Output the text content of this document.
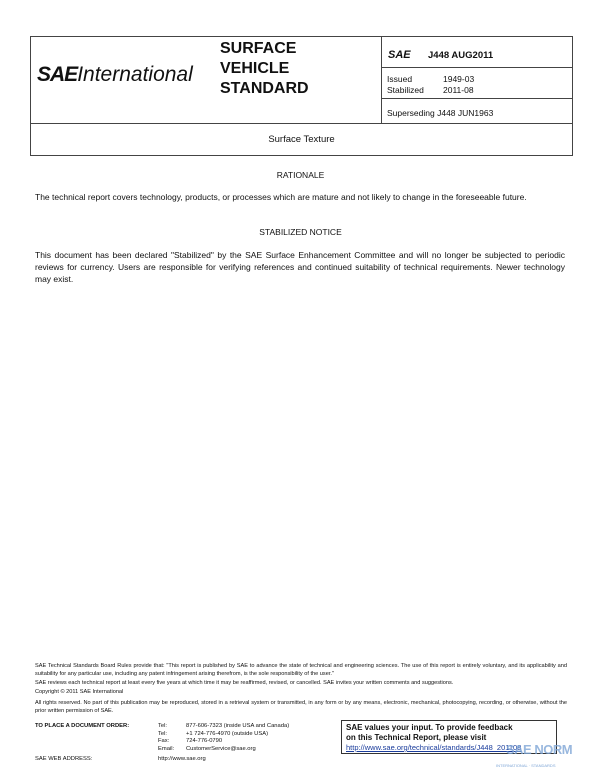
SAEInternational
SURFACE
VEHICLE
STANDARD
SAE J448 AUG2011
Issued	1949-03
Stabilized 2011-08
Superseding J448 JUN1963
Surface Texture
RATIONALE

The technical report covers technology, products, or processes which are mature and not likely to change in the foreseeable future.

STABILIZED NOTICE

This document has been declared "Stabilized" by the SAE Surface Enhancement Committee and will no longer be subjected to periodic reviews for currency. Users are responsible for verifying references and continued suitability of technical requirements. Newer technology may exist.

SAE Technical Standards Board Rules provide that: "This report is published by SAE to advance the state of technical and engineering sciences. The use of this report is entirely voluntary, and its applicability and suitability for any particular use, including any patent infringement arising therefrom, is the sole responsibility of the user."

SAE reviews each technical report at least every five years at which time it may be reaffirmed, revised, or cancelled. SAE invites your written comments and suggestions.

Copyright © 2011 SAE International

All rights reserved. No part of this publication may be reproduced, stored in a retrieval system or transmitted, in any form or by any means, electronic, mechanical, photocopying, recording, or otherwise, without the prior written permission of SAE.

TO PLACE A DOCUMENT ORDER:	Tel:	877-606-7323 (inside USA and Canada)
Tel:	+1 724-776-4970 (outside USA)
Fax:	724-776-0790
Email: CustomerService@sae.org
SAE WEB ADDRESS:	http://www.sae.org
SAE values your input. To provide feedback
on this Technical Report, please visit
http://www.sae.org/technical/standards/J448_201108
SAE NORM
INTERNATIONAL · STANDARDS
